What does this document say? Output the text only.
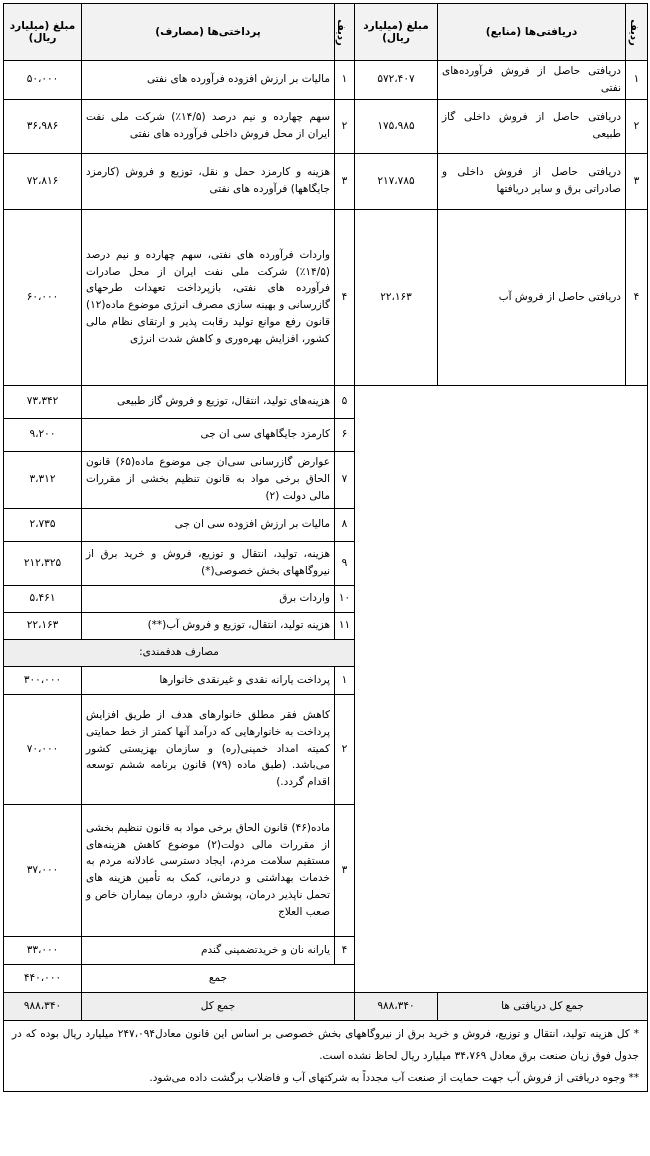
ردیف	دریافتی‌ها (منابع)	مبلغ (میلیارد ریال)	ردیف	پرداختی‌ها (مصارف)	مبلغ (میلیارد ریال)
۱	دریافتی حاصل از فروش فرآورده‌های نفتی	۵۷۲،۴۰۷	۱	مالیات بر ارزش افزوده فرآورده های نفتی	۵۰،۰۰۰
۲	دریافتی حاصل از فروش داخلی گاز طبیعی	۱۷۵،۹۸۵	۲	سهم چهارده و نیم درصد (۱۴/۵٪) شرکت ملی نفت ایران از محل فروش داخلی فرآورده های نفتی	۳۶،۹۸۶
۳	دریافتی حاصل از فروش داخلی و صادراتی برق و سایر دریافتها	۲۱۷،۷۸۵	۳	هزینه و کارمزد حمل و نقل، توزیع و فروش (کارمزد جایگاهها) فرآورده های نفتی	۷۲،۸۱۶
۴	دریافتی حاصل از فروش آب	۲۲،۱۶۳	۴	واردات فرآورده های نفتی، سهم چهارده و نیم درصد (۱۴/۵٪) شرکت ملی نفت ایران از محل صادرات فرآورده های نفتی، بازپرداخت تعهدات طرحهای گازرسانی و بهینه سازی مصرف انرژی موضوع ماده(۱۲) قانون رفع موانع تولید رقابت پذیر و ارتقای نظام مالی کشور، افزایش بهره‌وری و کاهش شدت انرژی	۶۰،۰۰۰
			۵	هزینه‌های تولید، انتقال، توزیع و فروش گاز طبیعی	۷۳،۳۴۲
			۶	کارمزد جایگاههای سی ان جی	۹،۲۰۰
			۷	عوارض گازرسانی سی‌ان جی موضوع ماده(۶۵) قانون الحاق برخی مواد به قانون تنظیم بخشی از مقررات مالی دولت (۲)	۳،۳۱۲
			۸	مالیات بر ارزش افزوده سی ان جی	۲،۷۳۵
			۹	هزینه، تولید، انتقال و توزیع، فروش و خرید برق از نیروگاههای بخش خصوصی(*)	۲۱۲،۳۲۵
			۱۰	واردات برق	۵،۴۶۱
			۱۱	هزینه تولید، انتقال، توزیع و فروش آب(**)	۲۲،۱۶۳
			مصارف هدفمندی:		
			۱	پرداخت یارانه نقدی و غیرنقدی خانوارها	۳۰۰،۰۰۰
			۲	کاهش فقر مطلق خانوارهای هدف از طریق افزایش پرداخت به خانوارهایی که درآمد آنها کمتر از خط حمایتی کمیته امداد خمینی(ره) و سازمان بهزیستی کشور می‌باشد. (طبق ماده (۷۹) قانون برنامه ششم توسعه اقدام گردد.)	۷۰،۰۰۰
			۳	ماده(۴۶) قانون الحاق برخی مواد به قانون تنظیم بخشی از مقررات مالی دولت(۲) موضوع کاهش هزینه‌های مستقیم سلامت مردم، ایجاد دسترسی عادلانه مردم به خدمات بهداشتی و درمانی، کمک به تأمین هزینه های تحمل ناپذیر درمان، پوشش دارو، درمان بیماران خاص و صعب العلاج	۳۷،۰۰۰
			۴	یارانه نان و خریدتضمینی گندم	۳۳،۰۰۰
			جمع		۴۴۰،۰۰۰
جمع کل دریافتی ها		۹۸۸،۳۴۰	جمع کل		۹۸۸،۳۴۰

* کل هزینه تولید، انتقال و توزیع، فروش و خرید برق از نیروگاههای بخش خصوصی بر اساس این قانون معادل۲۴۷،۰۹۴ میلیارد ریال بوده که در جدول فوق زیان صنعت برق معادل ۳۴،۷۶۹ میلیارد ریال لحاظ نشده است.
** وجوه دریافتی از فروش آب جهت حمایت از صنعت آب مجدداً به شرکتهای آب و فاضلاب برگشت داده می‌شود.					
